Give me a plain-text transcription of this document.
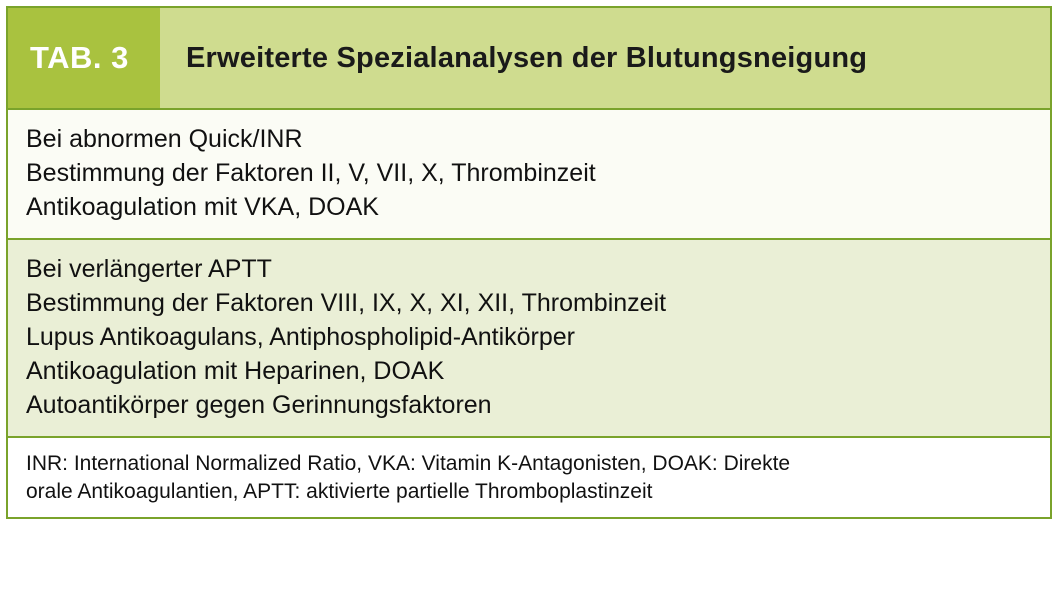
TAB. 3 Erweiterte Spezialanalysen der Blutungsneigung
Bei abnormen Quick/INR
Bestimmung der Faktoren II, V, VII, X, Thrombinzeit
Antikoagulation mit VKA, DOAK
Bei verlängerter APTT
Bestimmung der Faktoren VIII, IX, X, XI, XII, Thrombinzeit
Lupus Antikoagulans, Antiphospholipid-Antikörper
Antikoagulation mit Heparinen, DOAK
Autoantikörper gegen Gerinnungsfaktoren
INR: International Normalized Ratio, VKA: Vitamin K-Antagonisten, DOAK: Direkte
orale Antikoagulantien, APTT: aktivierte partielle Thromboplastinzeit
